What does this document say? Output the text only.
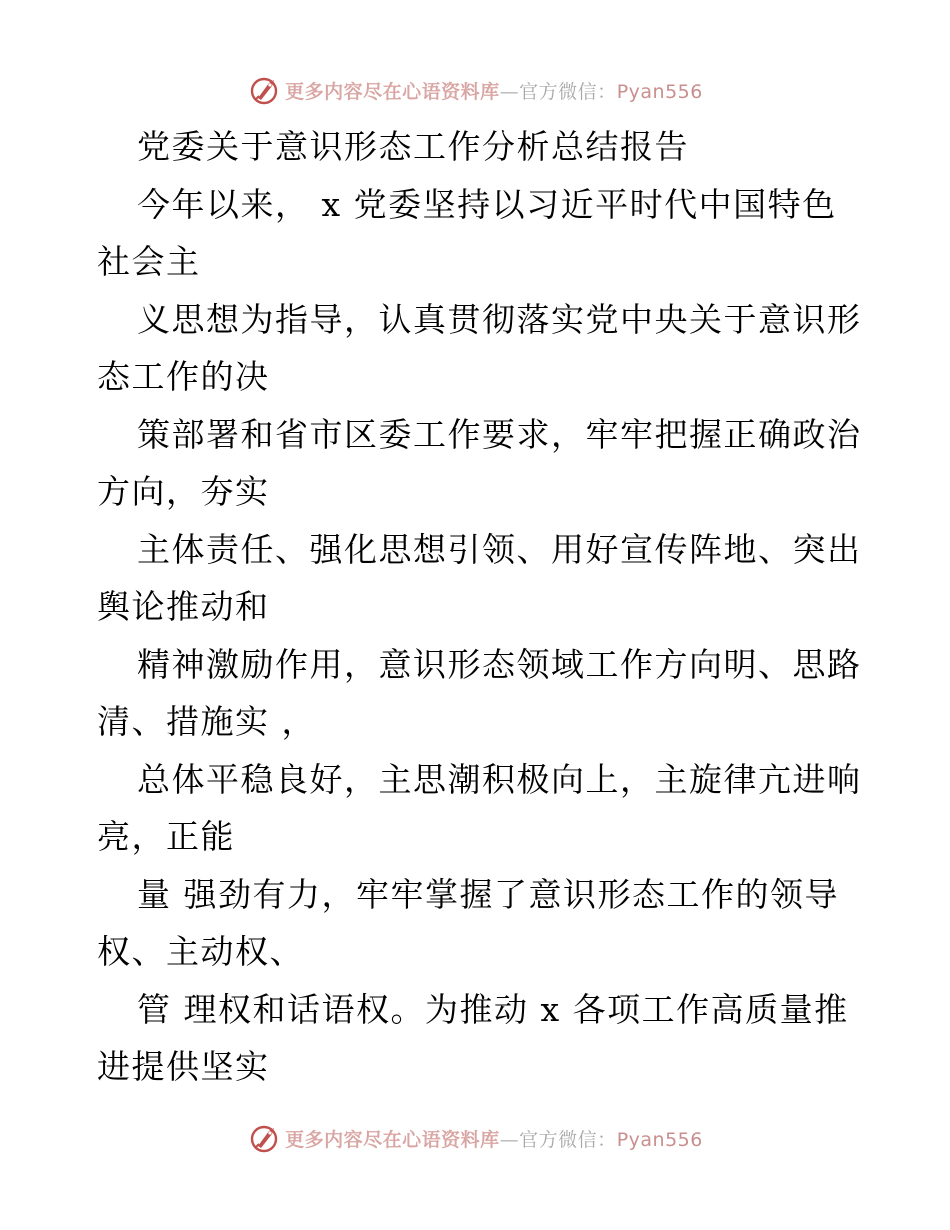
更多内容尽在心语资料库—官方微信：Pyan556
党委关于意识形态工作分析总结报告
今年以来， x 党委坚持以习近平时代中国特色
社会主
义思想为指导，认真贯彻落实党中央关于意识形
态工作的决
策部署和省市区委工作要求，牢牢把握正确政治
方向，夯实
主体责任、强化思想引领、用好宣传阵地、突出
舆论推动和
精神激励作用，意识形态领域工作方向明、思路
清、措施实 ，
总体平稳良好，主思潮积极向上，主旋律亢进响
亮，正能
量 强劲有力，牢牢掌握了意识形态工作的领导
权、主动权、
管 理权和话语权。为推动 x 各项工作高质量推
进提供坚实
更多内容尽在心语资料库—官方微信：Pyan556
